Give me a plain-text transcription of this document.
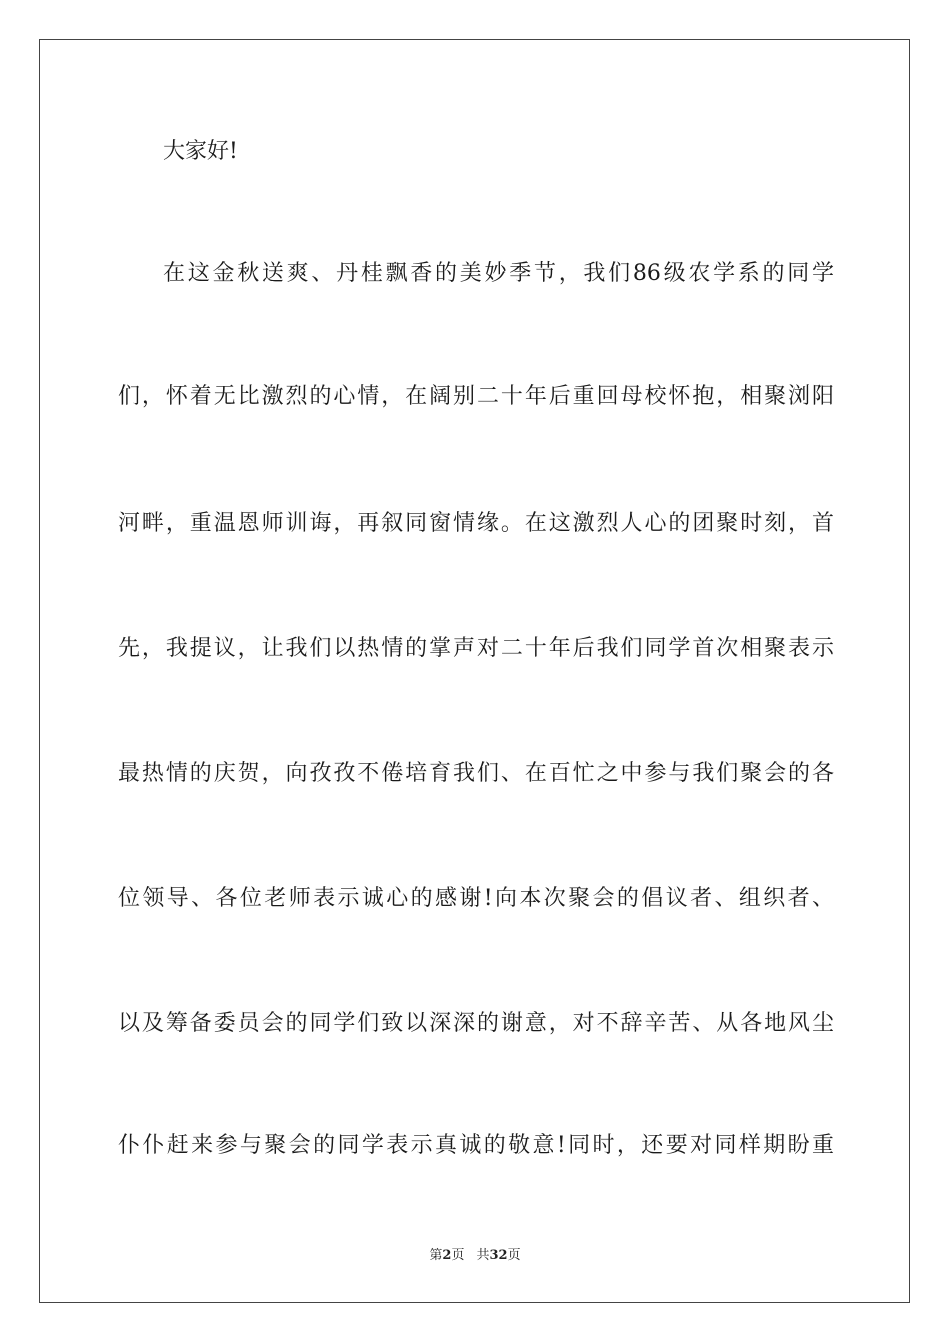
大家好!
在这金秋送爽、丹桂飘香的美妙季节，我们86级农学系的同学
们，怀着无比激烈的心情，在阔别二十年后重回母校怀抱，相聚浏阳
河畔，重温恩师训诲，再叙同窗情缘。在这激烈人心的团聚时刻，首
先，我提议，让我们以热情的掌声对二十年后我们同学首次相聚表示
最热情的庆贺，向孜孜不倦培育我们、在百忙之中参与我们聚会的各
位领导、各位老师表示诚心的感谢!向本次聚会的倡议者、组织者、
以及筹备委员会的同学们致以深深的谢意，对不辞辛苦、从各地风尘
仆仆赶来参与聚会的同学表示真诚的敬意!同时，还要对同样期盼重
第2页 共32页
